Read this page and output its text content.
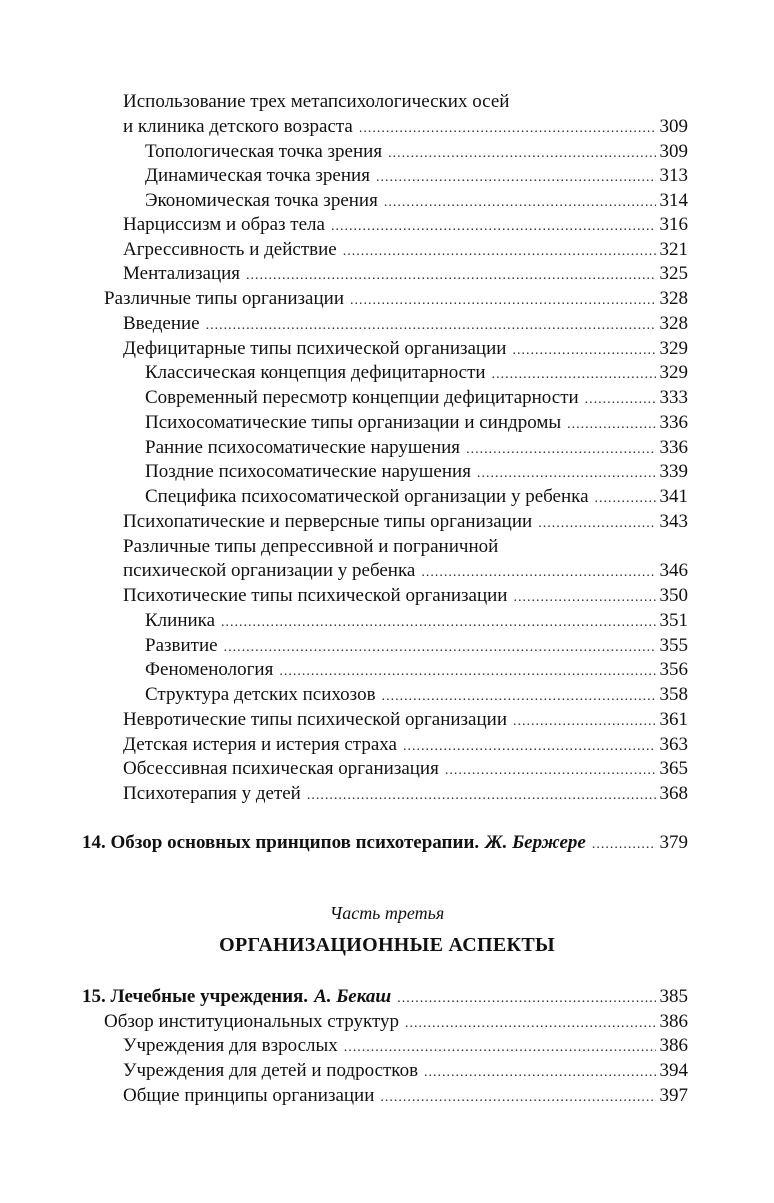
Использование трех метапсихологических осей
и клиника детского возраста .....	309
Топологическая точка зрения .....	309
Динамическая точка зрения .....	313
Экономическая точка зрения .....	314
Нарциссизм и образ тела .....	316
Агрессивность и действие .....	321
Ментализация .....	325
Различные типы организации .....	328
Введение .....	328
Дефицитарные типы психической организации .....	329
Классическая концепция дефицитарности .....	329
Современный пересмотр концепции дефицитарности .....	333
Психосоматические типы организации и синдромы .....	336
Ранние психосоматические нарушения .....	336
Поздние психосоматические нарушения .....	339
Специфика психосоматической организации у ребенка .....	341
Психопатические и перверсные типы организации .....	343
Различные типы депрессивной и пограничной
психической организации у ребенка .....	346
Психотические типы психической организации .....	350
Клиника .....	351
Развитие .....	355
Феноменология .....	356
Структура детских психозов .....	358
Невротические типы психической организации .....	361
Детская истерия и истерия страха .....	363
Обсессивная психическая организация .....	365
Психотерапия у детей .....	368
14. Обзор основных принципов психотерапии. Ж. Бержере .....	379
Часть третья
ОРГАНИЗАЦИОННЫЕ АСПЕКТЫ
15. Лечебные учреждения. А. Бекаш .....	385
Обзор институциональных структур .....	386
Учреждения для взрослых .....	386
Учреждения для детей и подростков .....	394
Общие принципы организации .....	397
